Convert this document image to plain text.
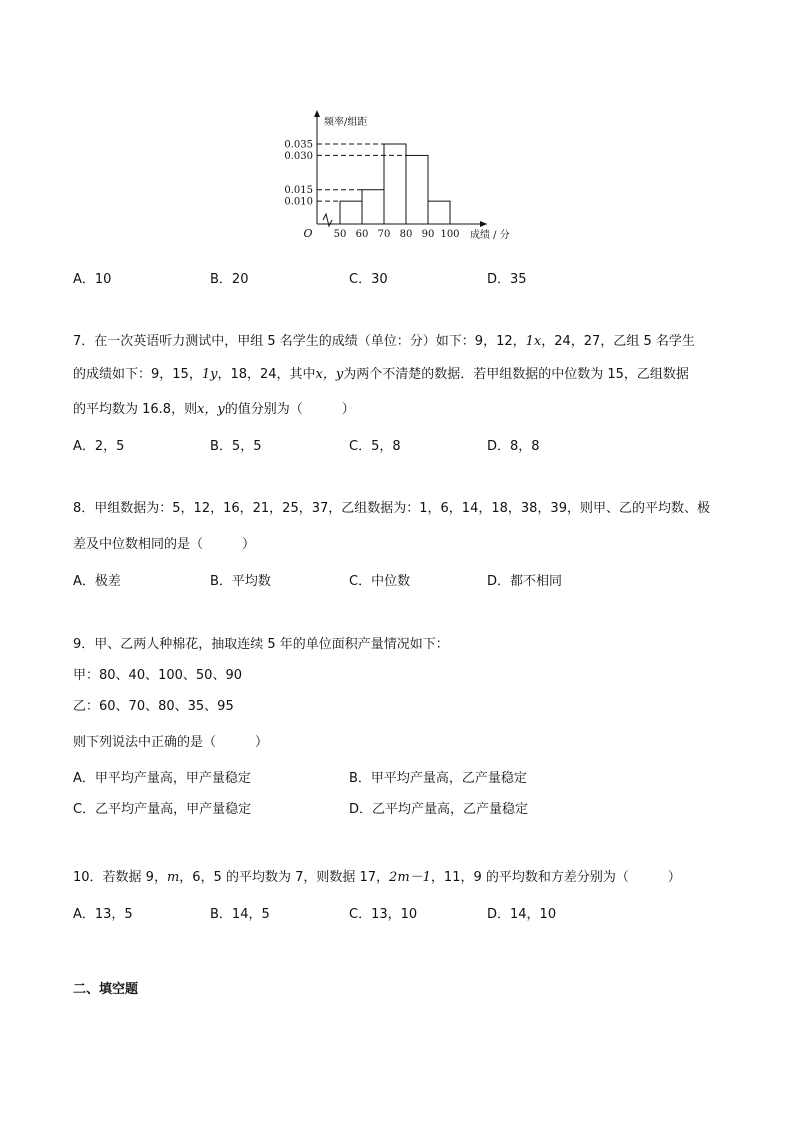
0.035
0.030
0.015
0.010
50 60 70 80 90 100
O
频率/组距
成绩 / 分
A．10	B．20	C．30	D．35
7．在一次英语听力测试中，甲组 5 名学生的成绩（单位：分）如下：9，12，1x，24，27，乙组 5 名学生
的成绩如下：9，15，1y，18，24，其中x，y为两个不清楚的数据．若甲组数据的中位数为 15，乙组数据
的平均数为 16.8，则x，y的值分别为（　　　）
A．2，5	B．5，5	C．5，8	D．8，8
8．甲组数据为：5，12，16，21，25，37，乙组数据为：1，6，14，18，38，39，则甲、乙的平均数、极
差及中位数相同的是（　　　）
A．极差	B．平均数	C．中位数	D．都不相同
9．甲、乙两人种棉花，抽取连续 5 年的单位面积产量情况如下：
甲：80、40、100、50、90
乙：60、70、80、35、95
则下列说法中正确的是（　　　）
A．甲平均产量高，甲产量稳定	B．甲平均产量高，乙产量稳定
C．乙平均产量高，甲产量稳定	D．乙平均产量高，乙产量稳定
10．若数据 9，m，6，5 的平均数为 7，则数据 17，2m－1，11，9 的平均数和方差分别为（　　　）
A．13，5	B．14，5	C．13，10	D．14，10
二、填空题
